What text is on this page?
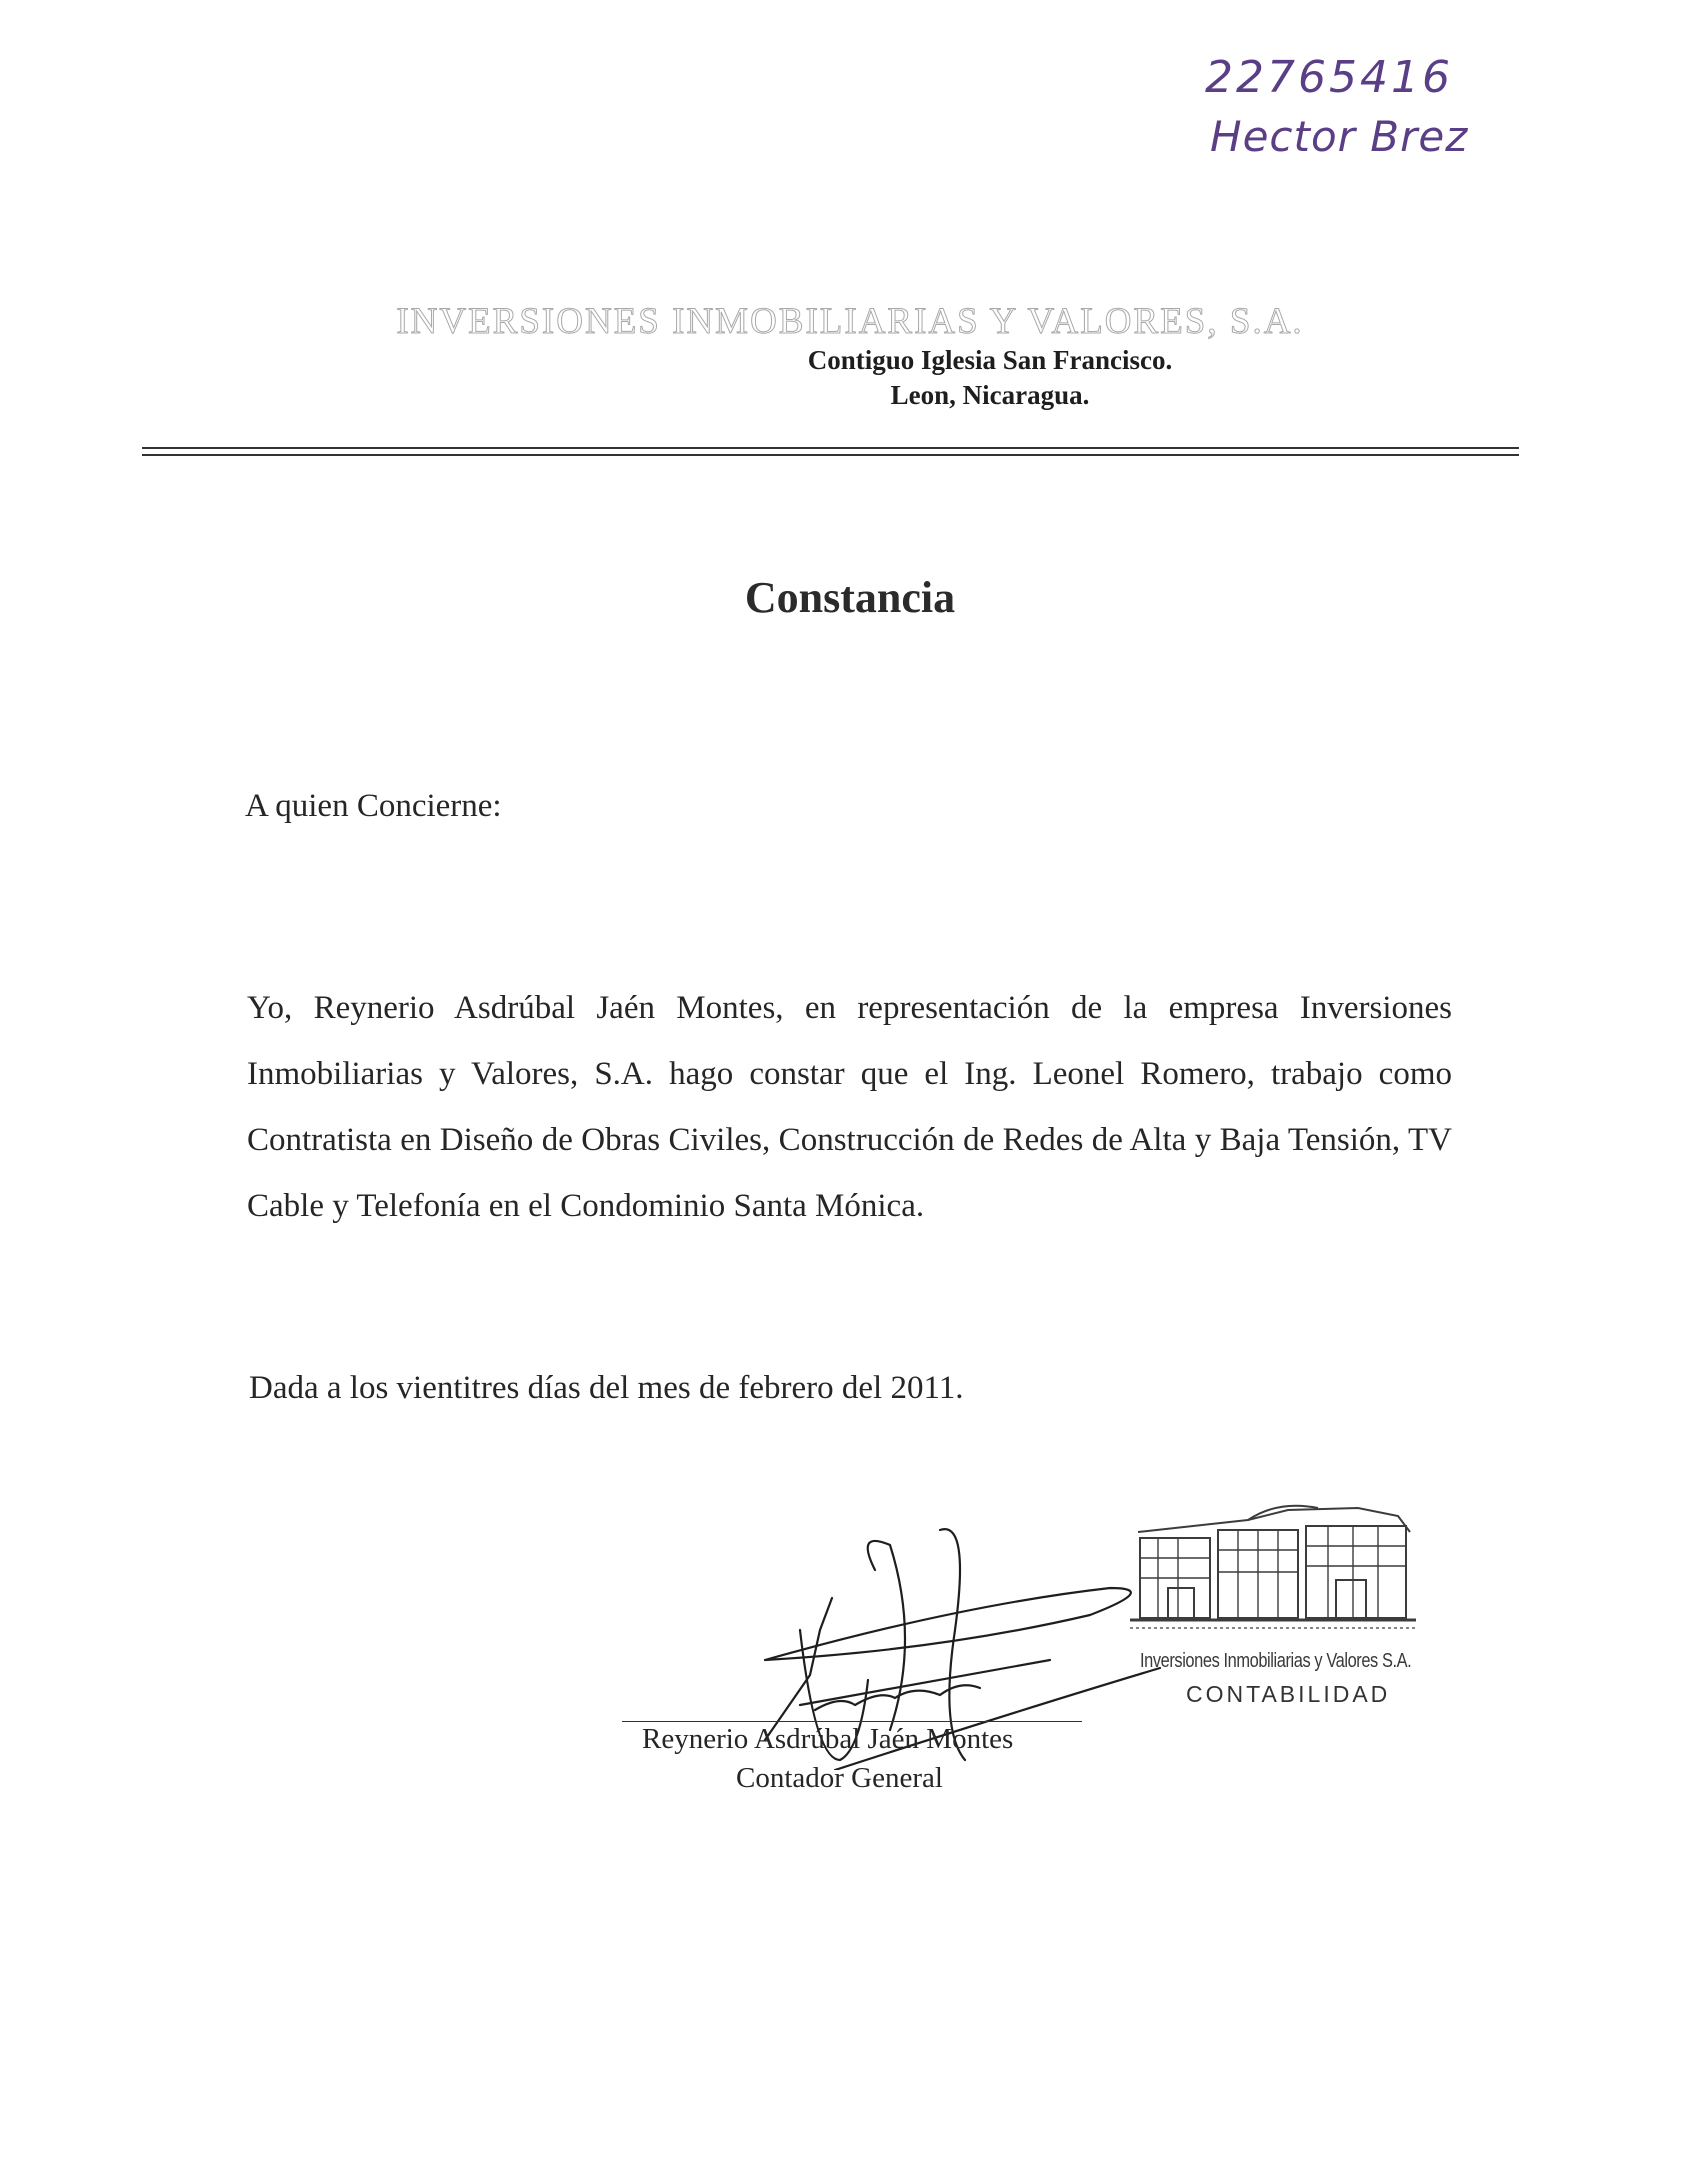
22765416
Hector Brez
INVERSIONES INMOBILIARIAS Y VALORES, S.A.
Contiguo Iglesia San Francisco.
Leon, Nicaragua.
Constancia
A quien Concierne:
Yo, Reynerio Asdrúbal Jaén Montes, en representación de la empresa Inversiones Inmobiliarias y Valores, S.A. hago constar que el Ing. Leonel Romero, trabajo como Contratista en Diseño de Obras Civiles, Construcción de Redes de Alta y Baja Tensión, TV Cable y Telefonía en el Condominio Santa Mónica.
Dada a los vientitres días del mes de febrero del 2011.
Inversiones Inmobiliarias y Valores S.A.
CONTABILIDAD
Reynerio Asdrúbal Jaén Montes
Contador General
